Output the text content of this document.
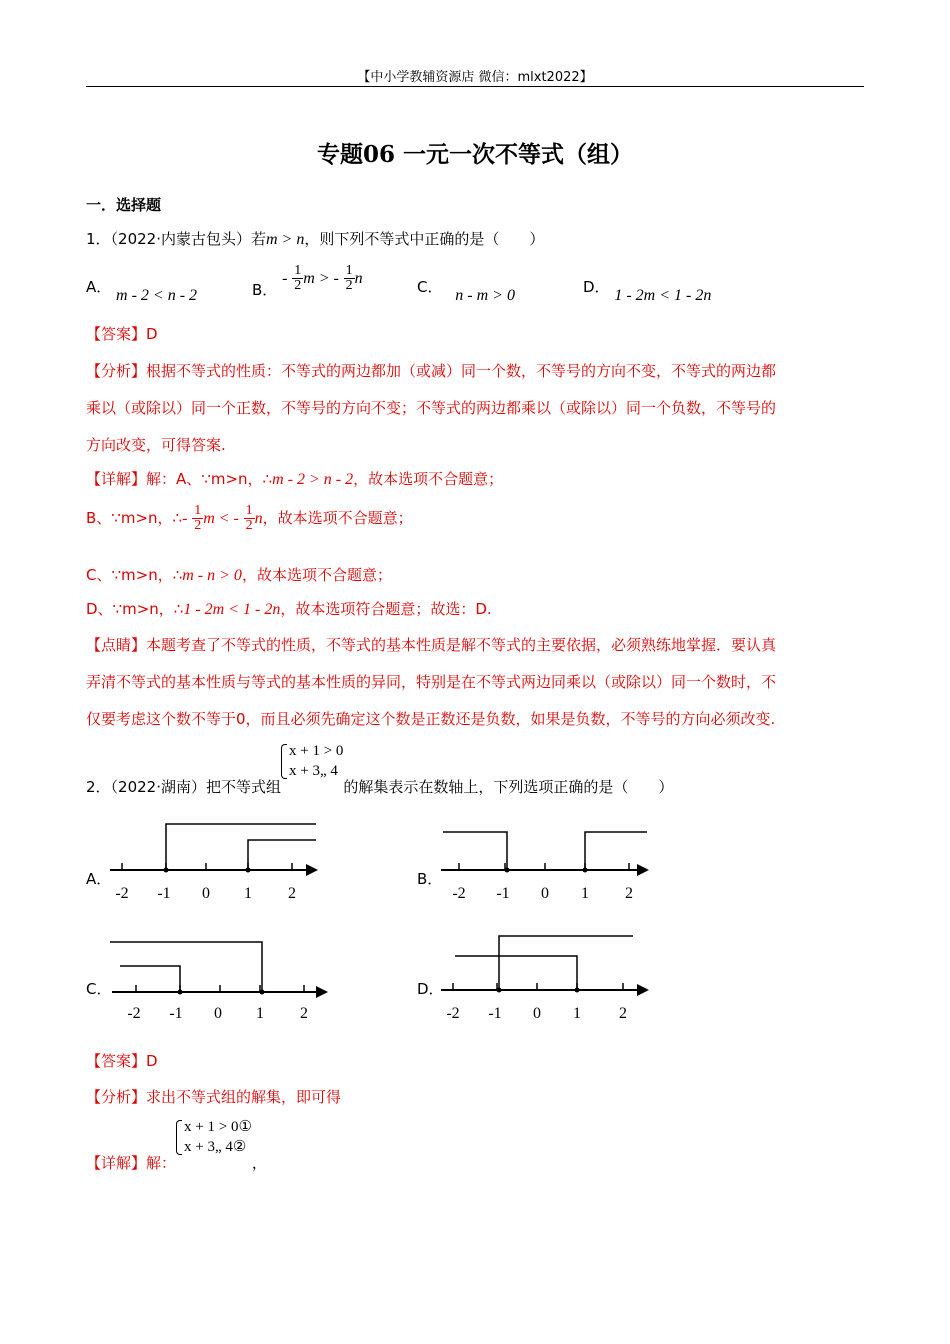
【中小学教辅资源店 微信：mlxt2022】
专题06 一元一次不等式（组）
一．选择题
1．（2022·内蒙古包头）若m > n，则下列不等式中正确的是（　　）
A． m - 2 < n - 2	B． - $\frac{1}{2}$ m > - $\frac{1}{2}$ n	C． n - m > 0	D． 1 - 2m < 1 - 2n
【答案】D
【分析】根据不等式的性质：不等式的两边都加（或减）同一个数，不等号的方向不变，不等式的两边都
乘以（或除以）同一个正数，不等号的方向不变；不等式的两边都乘以（或除以）同一个负数，不等号的
方向改变，可得答案.
【详解】解：A、∵m>n，∴m - 2 > n - 2，故本选项不合题意；
B、∵m>n，∴- $\frac{1}{2}$ m < - $\frac{1}{2}$ n，故本选项不合题意；
C、∵m>n，∴m - n > 0，故本选项不合题意；
D、∵m>n，∴1 - 2m < 1 - 2n，故本选项符合题意；故选：D.
【点睛】本题考查了不等式的性质，不等式的基本性质是解不等式的主要依据，必须熟练地掌握．要认真
弄清不等式的基本性质与等式的基本性质的异同，特别是在不等式两边同乘以（或除以）同一个数时，不
仅要考虑这个数不等于0，而且必须先确定这个数是正数还是负数，如果是负数，不等号的方向必须改变.
2．（2022·湖南）把不等式组
x + 1 > 0
x + 3„ 4
的解集表示在数轴上，下列选项正确的是（　　）
A．
-2 -1 0 1 2
B．
-2 -1 0 1 2
C．
-2 -1 0 1 2
D．
-2 -1 0 1 2
【答案】D
【分析】求出不等式组的解集，即可得
【详解】解：
x + 1 > 0①
x + 3„ 4②
，
